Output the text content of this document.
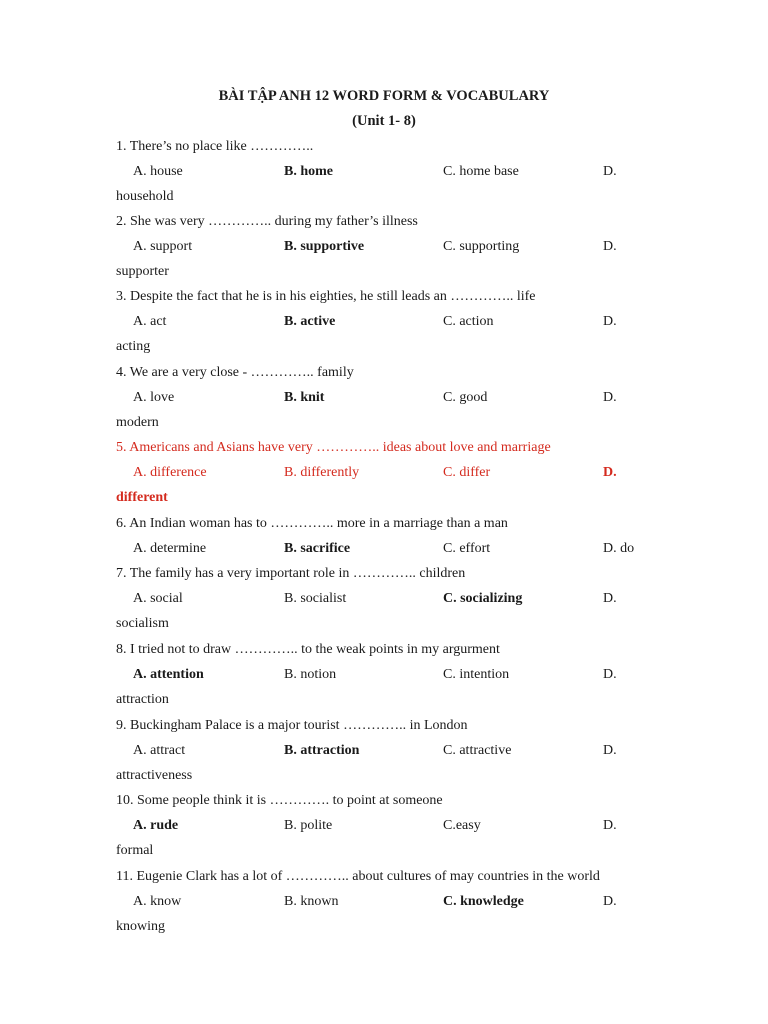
BÀI TẬP ANH 12 WORD FORM & VOCABULARY
(Unit 1- 8)
1. There’s no place like …………..
A. house	B. home	C. home base	D.
household
2. She was very ………….. during my father’s illness
A. support	B. supportive	C. supporting	D.
supporter
3. Despite the fact that he is in his eighties, he still leads an ………….. life
A. act	B. active	C. action	D.
acting
4. We are a very close - ………….. family
A. love	B. knit	C. good	D.
modern
5. Americans and Asians have very ………….. ideas about love and marriage
A. difference	B. differently	C. differ	D.
different
6. An Indian woman has to ………….. more in a marriage than a man
A. determine	B. sacrifice	C. effort	D. do
7. The family has a very important role in ………….. children
A. social	B. socialist	C. socializing	D.
socialism
8. I tried not to draw ………….. to the weak points in my argurment
A. attention	B. notion	C. intention	D.
attraction
9. Buckingham Palace is a major tourist ………….. in London
A. attract	B. attraction	C. attractive	D.
attractiveness
10. Some people think it is …………. to point at someone
A. rude	B. polite	C.easy	D.
formal
11. Eugenie Clark has a lot of ………….. about cultures of may countries in the world
A. know	B. known	C. knowledge	D.
knowing
